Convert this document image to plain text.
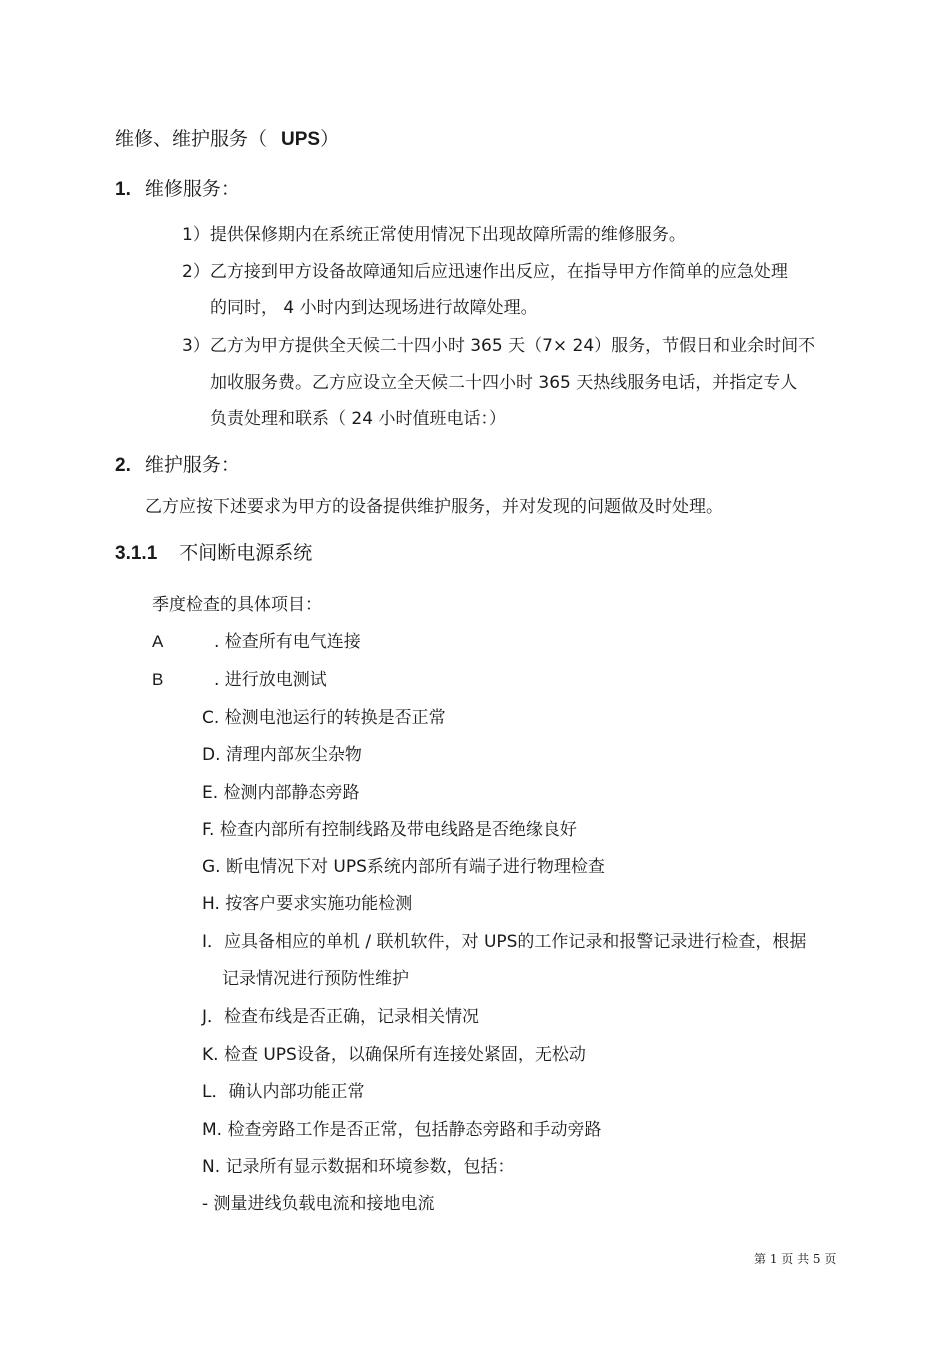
维修、维护服务（ UPS）
1. 维修服务：
1）提供保修期内在系统正常使用情况下出现故障所需的维修服务。
2）乙方接到甲方设备故障通知后应迅速作出反应，在指导甲方作简单的应急处理
的同时， 4 小时内到达现场进行故障处理。
3）乙方为甲方提供全天候二十四小时 365 天（7× 24）服务，节假日和业余时间不
加收服务费。乙方应设立全天候二十四小时 365 天热线服务电话，并指定专人
负责处理和联系（ 24 小时值班电话：）
2. 维护服务：
乙方应按下述要求为甲方的设备提供维护服务，并对发现的问题做及时处理。
3.1.1 不间断电源系统
季度检查的具体项目：
A	. 检查所有电气连接
B	. 进行放电测试
C. 检测电池运行的转换是否正常
D. 清理内部灰尘杂物
E. 检测内部静态旁路
F. 检查内部所有控制线路及带电线路是否绝缘良好
G. 断电情况下对 UPS系统内部所有端子进行物理检查
H. 按客户要求实施功能检测
I．应具备相应的单机 / 联机软件，对 UPS的工作记录和报警记录进行检查，根据
记录情况进行预防性维护
J．检查布线是否正确，记录相关情况
K. 检查 UPS设备，以确保所有连接处紧固，无松动
L．确认内部功能正常
M. 检查旁路工作是否正常，包括静态旁路和手动旁路
N. 记录所有显示数据和环境参数，包括：
- 测量进线负载电流和接地电流
第 1 页 共 5 页
